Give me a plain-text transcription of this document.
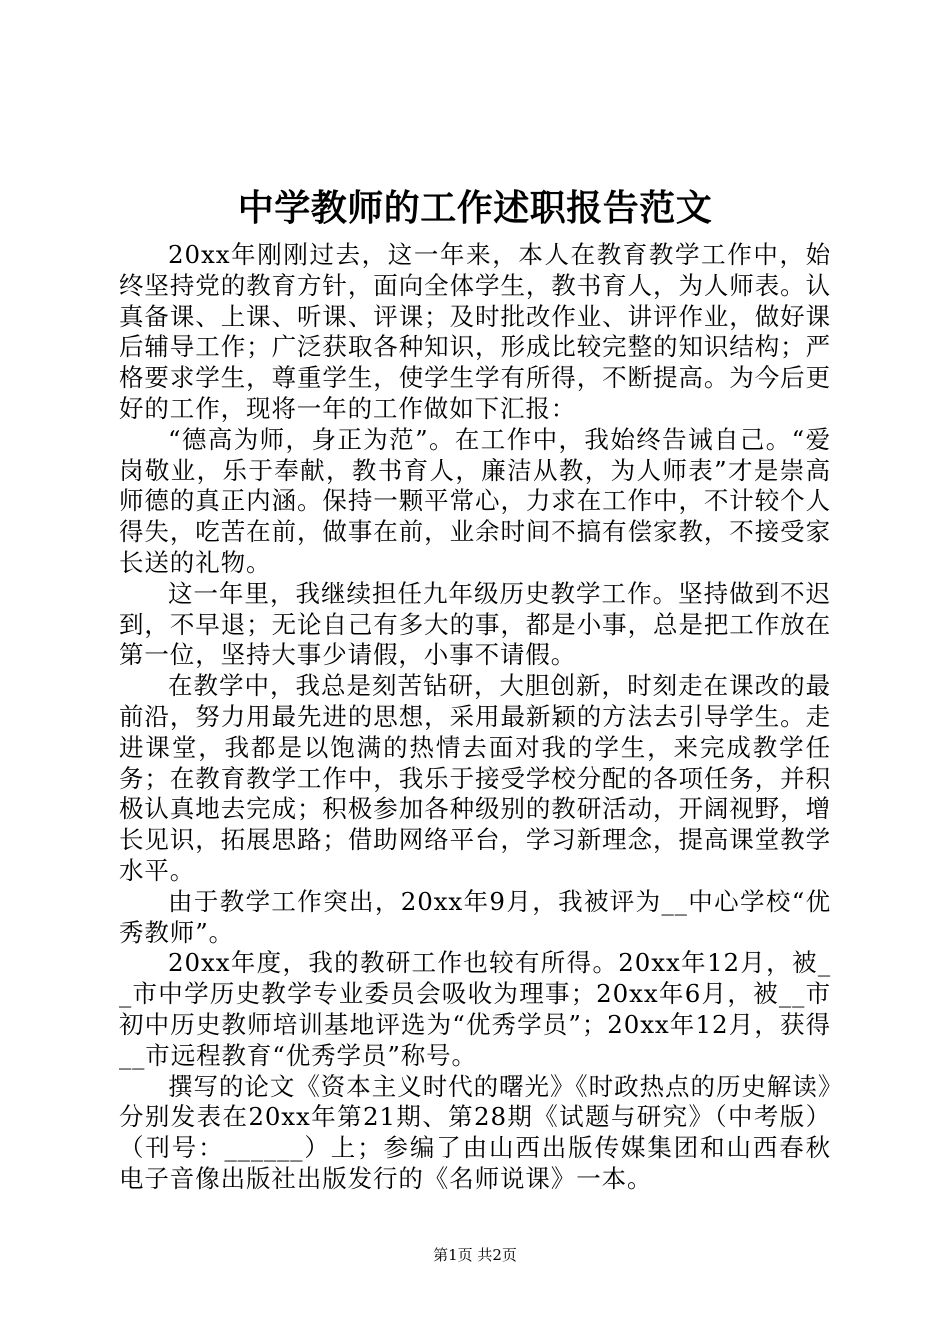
中学教师的工作述职报告范文

20xx年刚刚过去，这一年来，本人在教育教学工作中，始终坚持党的教育方针，面向全体学生，教书育人，为人师表。认真备课、上课、听课、评课；及时批改作业、讲评作业，做好课后辅导工作；广泛获取各种知识，形成比较完整的知识结构；严格要求学生，尊重学生，使学生学有所得，不断提高。为今后更好的工作，现将一年的工作做如下汇报：

“德高为师，身正为范”。在工作中，我始终告诫自己。“爱岗敬业，乐于奉献，教书育人，廉洁从教，为人师表”才是崇高师德的真正内涵。保持一颗平常心，力求在工作中，不计较个人得失，吃苦在前，做事在前，业余时间不搞有偿家教，不接受家长送的礼物。

这一年里，我继续担任九年级历史教学工作。坚持做到不迟到，不早退；无论自己有多大的事，都是小事，总是把工作放在第一位，坚持大事少请假，小事不请假。

在教学中，我总是刻苦钻研，大胆创新，时刻走在课改的最前沿，努力用最先进的思想，采用最新颖的方法去引导学生。走进课堂，我都是以饱满的热情去面对我的学生，来完成教学任务；在教育教学工作中，我乐于接受学校分配的各项任务，并积极认真地去完成；积极参加各种级别的教研活动，开阔视野，增长见识，拓展思路；借助网络平台，学习新理念，提高课堂教学水平。

由于教学工作突出，20xx年9月，我被评为__中心学校“优秀教师”。

20xx年度，我的教研工作也较有所得。20xx年12月，被__市中学历史教学专业委员会吸收为理事；20xx年6月，被__市初中历史教师培训基地评选为“优秀学员”；20xx年12月，获得__市远程教育“优秀学员”称号。

撰写的论文《资本主义时代的曙光》《时政热点的历史解读》分别发表在20xx年第21期、第28期《试题与研究》（中考版）（刊号：______）上；参编了由山西出版传媒集团和山西春秋电子音像出版社出版发行的《名师说课》一本。

第1页 共2页
